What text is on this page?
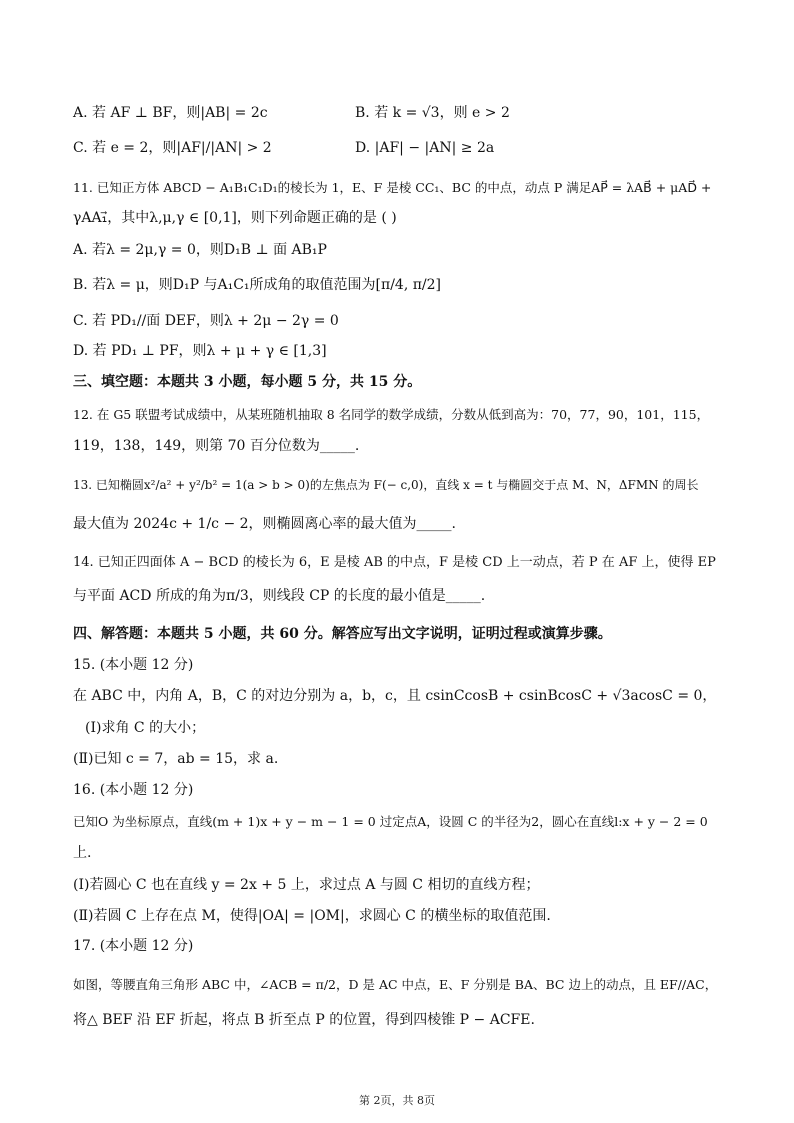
A. 若 AF ⊥ BF，则|AB| = 2c	B. 若 k = √3，则 e > 2
C. 若 e = 2，则|AF|/|AN| > 2	D. |AF| − |AN| ≥ 2a
11. 已知正方体 ABCD − A₁B₁C₁D₁的棱长为 1，E、F 是棱 CC₁、BC 的中点，动点 P 满足AP⃗ = λAB⃗ + μAD⃗ +
γAA₁⃗，其中λ,μ,γ ∈ [0,1]，则下列命题正确的是 ( )
A. 若λ = 2μ,γ = 0，则D₁B ⊥ 面 AB₁P
B. 若λ = μ，则D₁P 与A₁C₁所成角的取值范围为[π/4, π/2]
C. 若 PD₁//面 DEF，则λ + 2μ − 2γ = 0
D. 若 PD₁ ⊥ PF，则λ + μ + γ ∈ [1,3]
三、填空题：本题共 3 小题，每小题 5 分，共 15 分。
12. 在 G5 联盟考试成绩中，从某班随机抽取 8 名同学的数学成绩，分数从低到高为：70，77，90，101，115，
119，138，149，则第 70 百分位数为_____.
13. 已知椭圆x²/a² + y²/b² = 1(a > b > 0)的左焦点为 F(− c,0)，直线 x = t 与椭圆交于点 M、N，ΔFMN 的周长
最大值为 2024c + 1/c − 2，则椭圆离心率的最大值为_____.
14. 已知正四面体 A − BCD 的棱长为 6，E 是棱 AB 的中点，F 是棱 CD 上一动点，若 P 在 AF 上，使得 EP
与平面 ACD 所成的角为π/3，则线段 CP 的长度的最小值是_____.
四、解答题：本题共 5 小题，共 60 分。解答应写出文字说明，证明过程或演算步骤。
15. (本小题 12 分)
在 ABC 中，内角 A，B，C 的对边分别为 a，b，c，且 csinCcosB + csinBcosC + √3acosC = 0，
(Ⅰ)求角 C 的大小；
(Ⅱ)已知 c = 7，ab = 15，求 a.
16. (本小题 12 分)
已知O 为坐标原点，直线(m + 1)x + y − m − 1 = 0 过定点A，设圆 C 的半径为2，圆心在直线l:x + y − 2 = 0
上.
(Ⅰ)若圆心 C 也在直线 y = 2x + 5 上，求过点 A 与圆 C 相切的直线方程；
(Ⅱ)若圆 C 上存在点 M，使得|OA| = |OM|，求圆心 C 的横坐标的取值范围.
17. (本小题 12 分)
如图，等腰直角三角形 ABC 中，∠ACB = π/2，D 是 AC 中点，E、F 分别是 BA、BC 边上的动点，且 EF//AC，
将△ BEF 沿 EF 折起，将点 B 折至点 P 的位置，得到四棱锥 P − ACFE.
第 2页，共 8页
